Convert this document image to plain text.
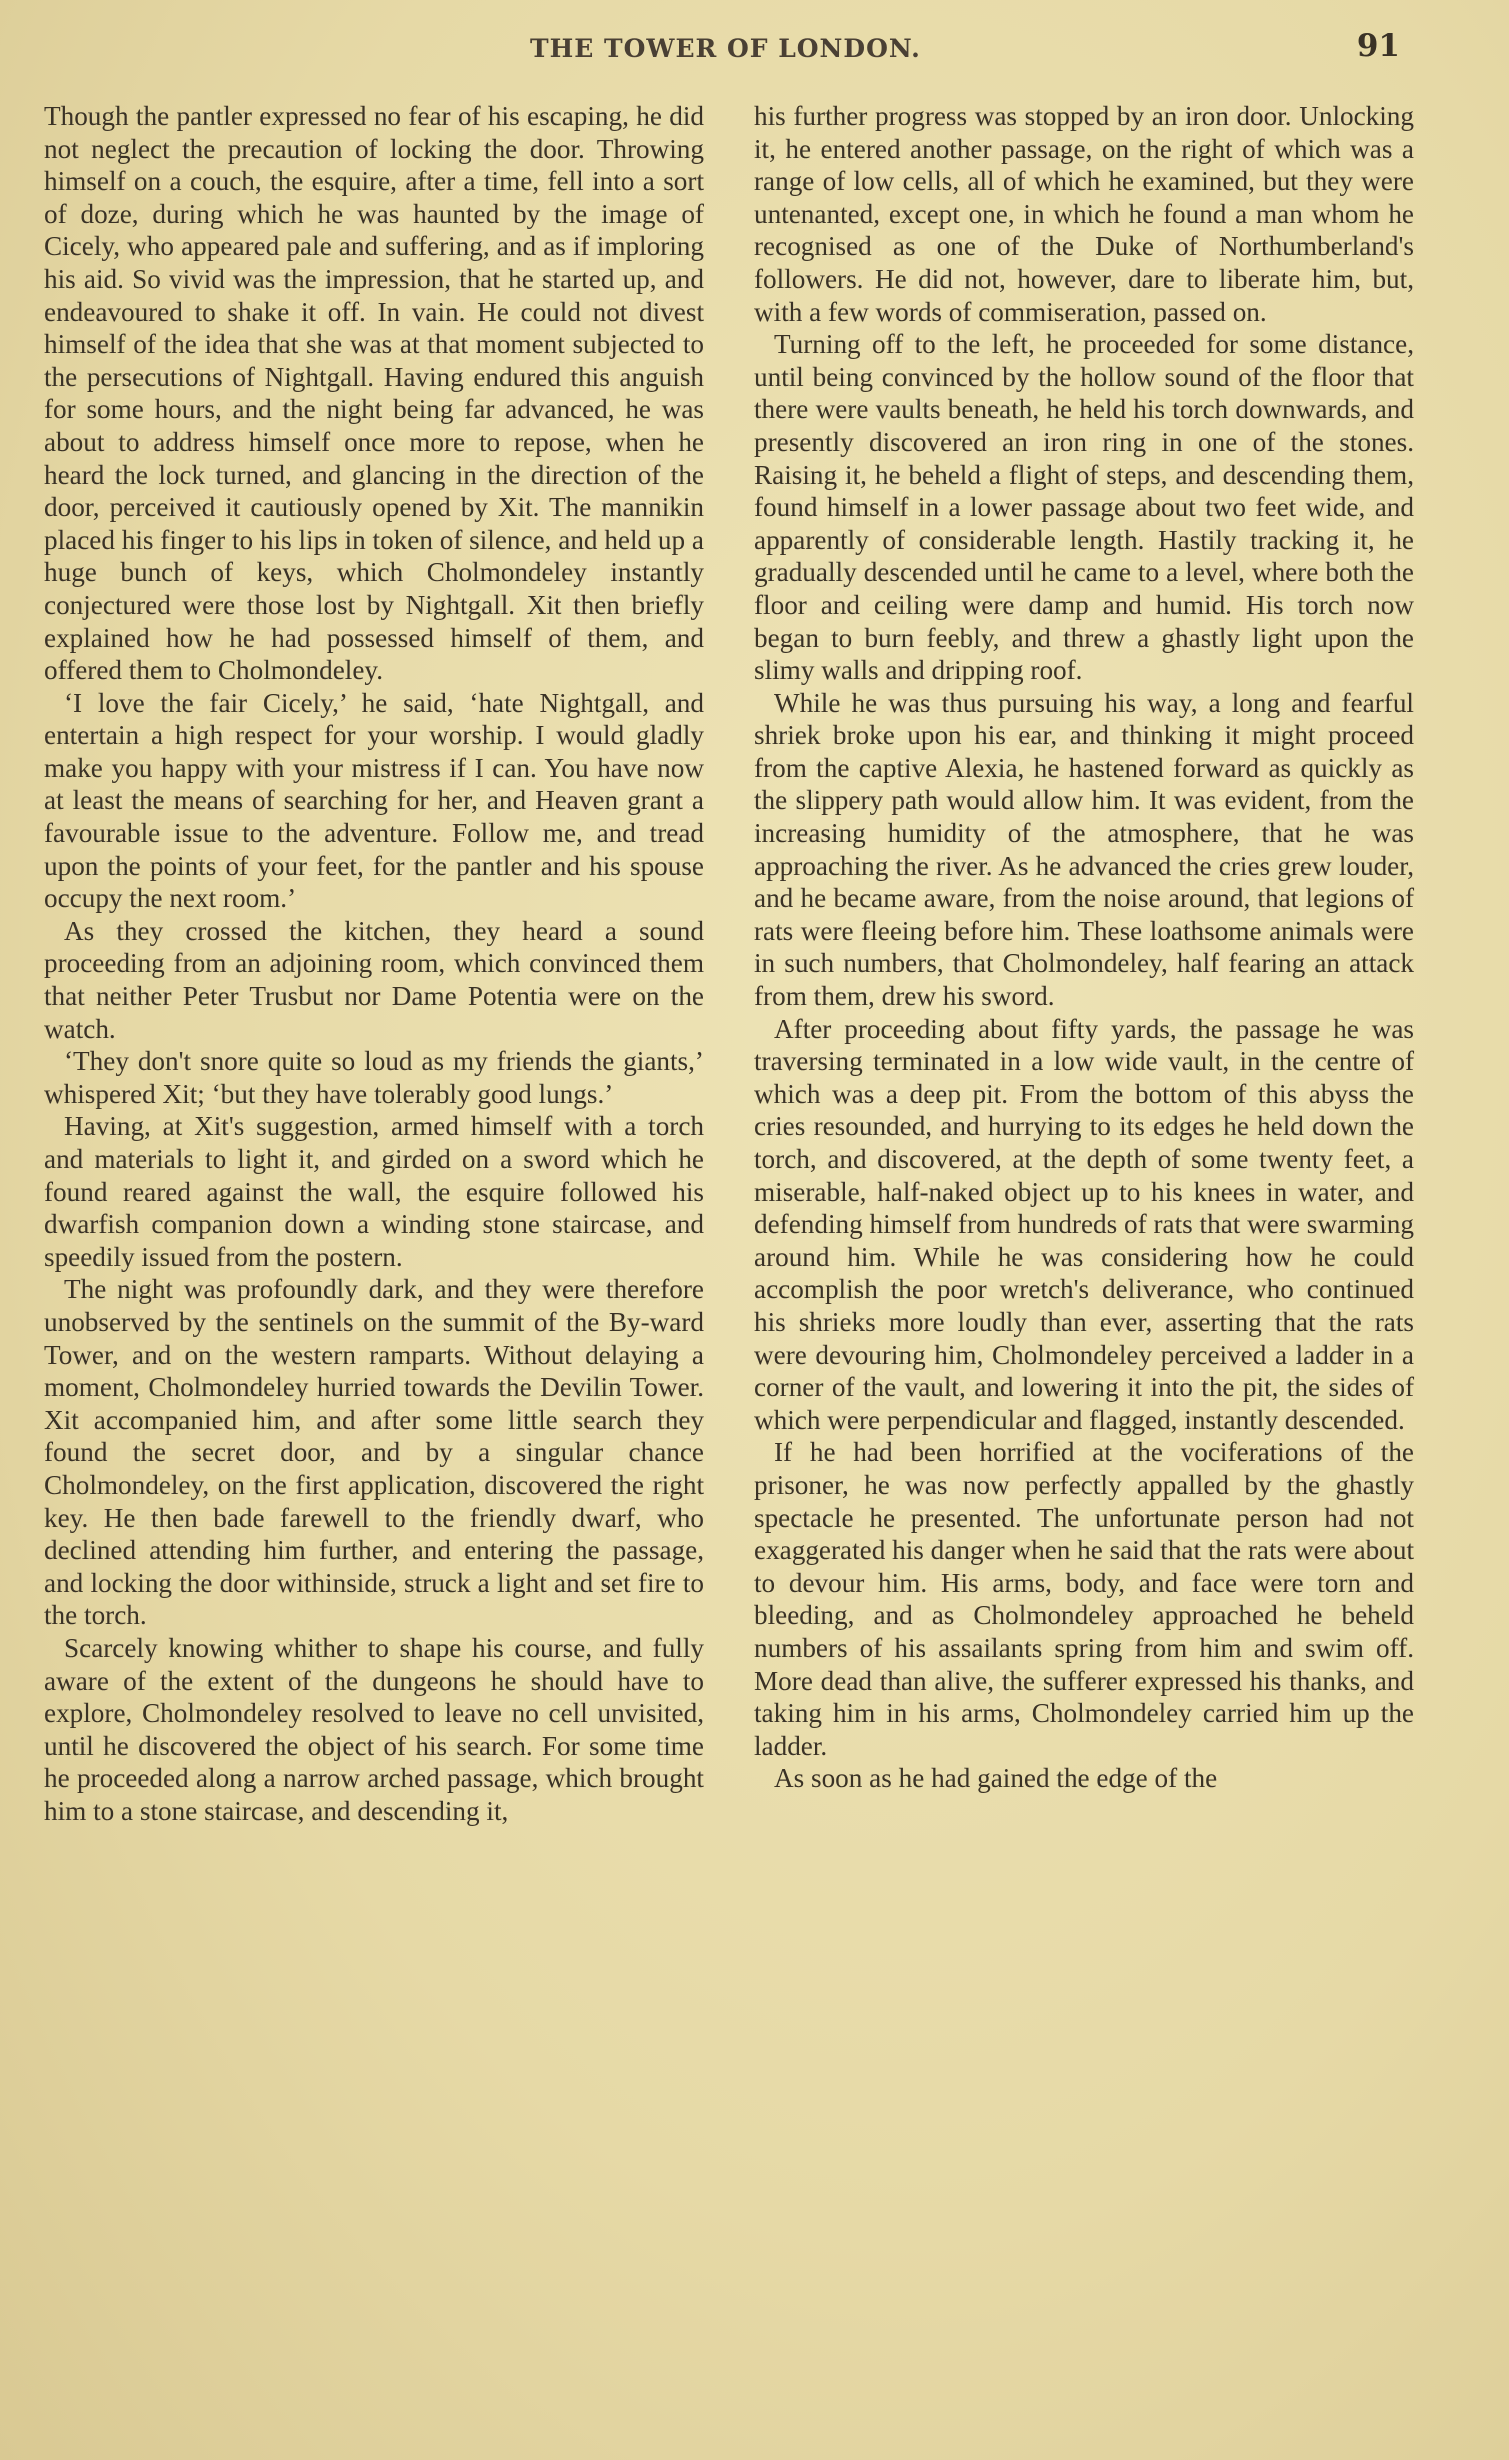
THE TOWER OF LONDON.	91

Though the pantler expressed no fear of his escaping, he did not neglect the precaution of locking the door. Throwing himself on a couch, the esquire, after a time, fell into a sort of doze, during which he was haunted by the image of Cicely, who appeared pale and suffering, and as if imploring his aid. So vivid was the impression, that he started up, and endeavoured to shake it off. In vain. He could not divest himself of the idea that she was at that moment subjected to the persecutions of Nightgall. Having endured this anguish for some hours, and the night being far advanced, he was about to address himself once more to repose, when he heard the lock turned, and glancing in the direction of the door, perceived it cautiously opened by Xit. The mannikin placed his finger to his lips in token of silence, and held up a huge bunch of keys, which Cholmondeley instantly conjectured were those lost by Nightgall. Xit then briefly explained how he had possessed himself of them, and offered them to Cholmondeley.

‘I love the fair Cicely,’ he said, ‘hate Nightgall, and entertain a high respect for your worship. I would gladly make you happy with your mistress if I can. You have now at least the means of searching for her, and Heaven grant a favourable issue to the adventure. Follow me, and tread upon the points of your feet, for the pantler and his spouse occupy the next room.’

As they crossed the kitchen, they heard a sound proceeding from an adjoining room, which convinced them that neither Peter Trusbut nor Dame Potentia were on the watch.

‘They don't snore quite so loud as my friends the giants,’ whispered Xit; ‘but they have tolerably good lungs.’

Having, at Xit's suggestion, armed himself with a torch and materials to light it, and girded on a sword which he found reared against the wall, the esquire followed his dwarfish companion down a winding stone staircase, and speedily issued from the postern.

The night was profoundly dark, and they were therefore unobserved by the sentinels on the summit of the By-ward Tower, and on the western ramparts. Without delaying a moment, Cholmondeley hurried towards the Devilin Tower. Xit accompanied him, and after some little search they found the secret door, and by a singular chance Cholmondeley, on the first application, discovered the right key. He then bade farewell to the friendly dwarf, who declined attending him further, and entering the passage, and locking the door withinside, struck a light and set fire to the torch.

Scarcely knowing whither to shape his course, and fully aware of the extent of the dungeons he should have to explore, Cholmondeley resolved to leave no cell unvisited, until he discovered the object of his search. For some time he proceeded along a narrow arched passage, which brought him to a stone staircase, and descending it,

his further progress was stopped by an iron door. Unlocking it, he entered another passage, on the right of which was a range of low cells, all of which he examined, but they were untenanted, except one, in which he found a man whom he recognised as one of the Duke of Northumberland's followers. He did not, however, dare to liberate him, but, with a few words of commiseration, passed on.

Turning off to the left, he proceeded for some distance, until being convinced by the hollow sound of the floor that there were vaults beneath, he held his torch downwards, and presently discovered an iron ring in one of the stones. Raising it, he beheld a flight of steps, and descending them, found himself in a lower passage about two feet wide, and apparently of considerable length. Hastily tracking it, he gradually descended until he came to a level, where both the floor and ceiling were damp and humid. His torch now began to burn feebly, and threw a ghastly light upon the slimy walls and dripping roof.

While he was thus pursuing his way, a long and fearful shriek broke upon his ear, and thinking it might proceed from the captive Alexia, he hastened forward as quickly as the slippery path would allow him. It was evident, from the increasing humidity of the atmosphere, that he was approaching the river. As he advanced the cries grew louder, and he became aware, from the noise around, that legions of rats were fleeing before him. These loathsome animals were in such numbers, that Cholmondeley, half fearing an attack from them, drew his sword.

After proceeding about fifty yards, the passage he was traversing terminated in a low wide vault, in the centre of which was a deep pit. From the bottom of this abyss the cries resounded, and hurrying to its edges he held down the torch, and discovered, at the depth of some twenty feet, a miserable, half-naked object up to his knees in water, and defending himself from hundreds of rats that were swarming around him. While he was considering how he could accomplish the poor wretch's deliverance, who continued his shrieks more loudly than ever, asserting that the rats were devouring him, Cholmondeley perceived a ladder in a corner of the vault, and lowering it into the pit, the sides of which were perpendicular and flagged, instantly descended.

If he had been horrified at the vociferations of the prisoner, he was now perfectly appalled by the ghastly spectacle he presented. The unfortunate person had not exaggerated his danger when he said that the rats were about to devour him. His arms, body, and face were torn and bleeding, and as Cholmondeley approached he beheld numbers of his assailants spring from him and swim off. More dead than alive, the sufferer expressed his thanks, and taking him in his arms, Cholmondeley carried him up the ladder.

As soon as he had gained the edge of the
